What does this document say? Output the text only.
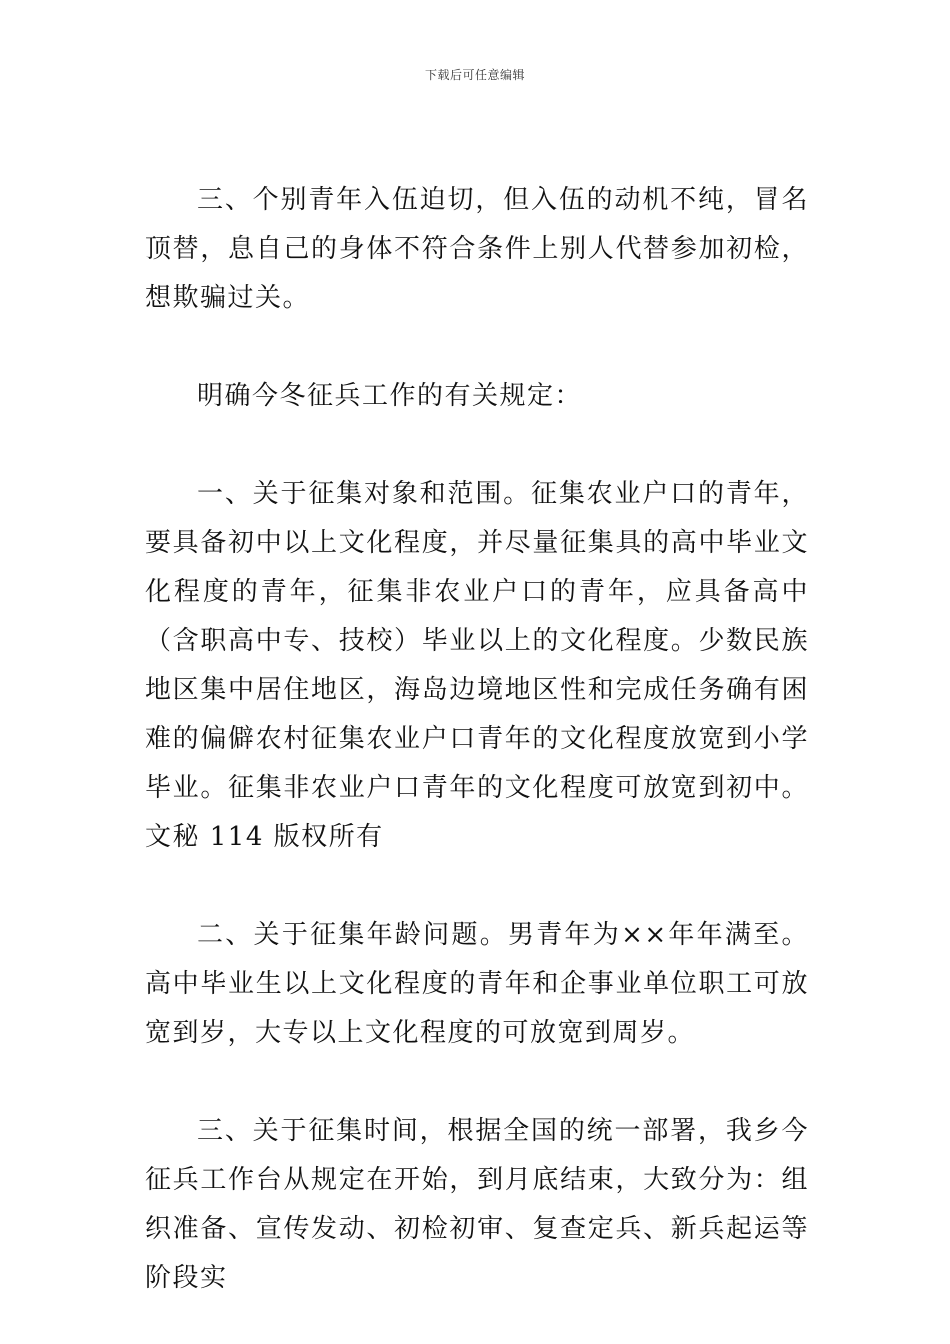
下载后可任意编辑

三、个别青年入伍迫切，但入伍的动机不纯，冒名顶替，息自己的身体不符合条件上别人代替参加初检，想欺骗过关。

明确今冬征兵工作的有关规定：

一、关于征集对象和范围。征集农业户口的青年，要具备初中以上文化程度，并尽量征集具的高中毕业文化程度的青年，征集非农业户口的青年，应具备高中（含职高中专、技校）毕业以上的文化程度。少数民族地区集中居住地区，海岛边境地区性和完成任务确有困难的偏僻农村征集农业户口青年的文化程度放宽到小学毕业。征集非农业户口青年的文化程度可放宽到初中。文秘 114 版权所有

二、关于征集年龄问题。男青年为××年年满至。高中毕业生以上文化程度的青年和企事业单位职工可放宽到岁，大专以上文化程度的可放宽到周岁。

三、关于征集时间，根据全国的统一部署，我乡今征兵工作台从规定在开始，到月底结束，大致分为：组织准备、宣传发动、初检初审、复查定兵、新兵起运等阶段实
